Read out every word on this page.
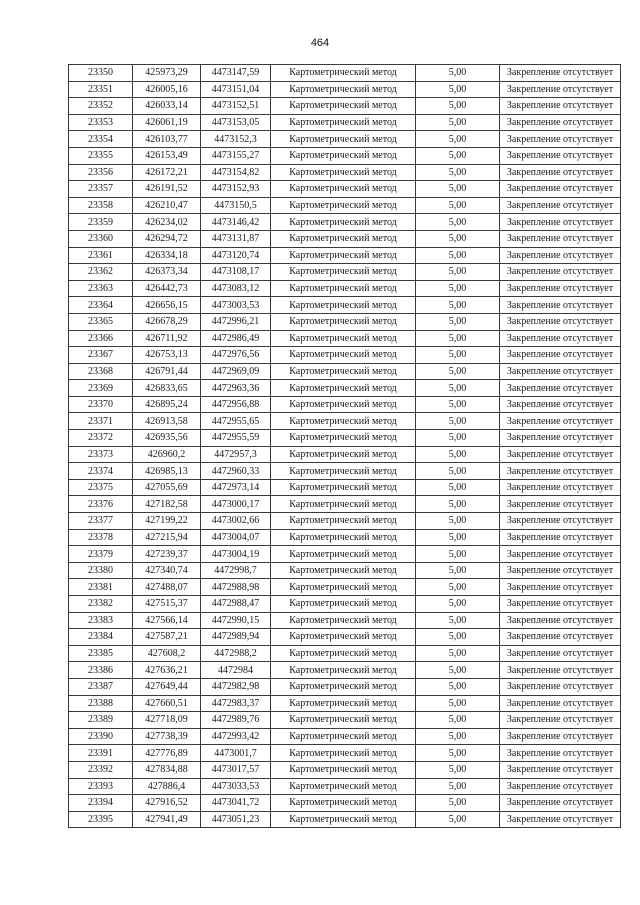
464
23350	425973,29	4473147,59	Картометрический метод	5,00	Закрепление отсутствует
23351	426005,16	4473151,04	Картометрический метод	5,00	Закрепление отсутствует
23352	426033,14	4473152,51	Картометрический метод	5,00	Закрепление отсутствует
23353	426061,19	4473153,05	Картометрический метод	5,00	Закрепление отсутствует
23354	426103,77	4473152,3	Картометрический метод	5,00	Закрепление отсутствует
23355	426153,49	4473155,27	Картометрический метод	5,00	Закрепление отсутствует
23356	426172,21	4473154,82	Картометрический метод	5,00	Закрепление отсутствует
23357	426191,52	4473152,93	Картометрический метод	5,00	Закрепление отсутствует
23358	426210,47	4473150,5	Картометрический метод	5,00	Закрепление отсутствует
23359	426234,02	4473146,42	Картометрический метод	5,00	Закрепление отсутствует
23360	426294,72	4473131,87	Картометрический метод	5,00	Закрепление отсутствует
23361	426334,18	4473120,74	Картометрический метод	5,00	Закрепление отсутствует
23362	426373,34	4473108,17	Картометрический метод	5,00	Закрепление отсутствует
23363	426442,73	4473083,12	Картометрический метод	5,00	Закрепление отсутствует
23364	426656,15	4473003,53	Картометрический метод	5,00	Закрепление отсутствует
23365	426678,29	4472996,21	Картометрический метод	5,00	Закрепление отсутствует
23366	426711,92	4472986,49	Картометрический метод	5,00	Закрепление отсутствует
23367	426753,13	4472976,56	Картометрический метод	5,00	Закрепление отсутствует
23368	426791,44	4472969,09	Картометрический метод	5,00	Закрепление отсутствует
23369	426833,65	4472963,36	Картометрический метод	5,00	Закрепление отсутствует
23370	426895,24	4472956,88	Картометрический метод	5,00	Закрепление отсутствует
23371	426913,58	4472955,65	Картометрический метод	5,00	Закрепление отсутствует
23372	426935,56	4472955,59	Картометрический метод	5,00	Закрепление отсутствует
23373	426960,2	4472957,3	Картометрический метод	5,00	Закрепление отсутствует
23374	426985,13	4472960,33	Картометрический метод	5,00	Закрепление отсутствует
23375	427055,69	4472973,14	Картометрический метод	5,00	Закрепление отсутствует
23376	427182,58	4473000,17	Картометрический метод	5,00	Закрепление отсутствует
23377	427199,22	4473002,66	Картометрический метод	5,00	Закрепление отсутствует
23378	427215,94	4473004,07	Картометрический метод	5,00	Закрепление отсутствует
23379	427239,37	4473004,19	Картометрический метод	5,00	Закрепление отсутствует
23380	427340,74	4472998,7	Картометрический метод	5,00	Закрепление отсутствует
23381	427488,07	4472988,98	Картометрический метод	5,00	Закрепление отсутствует
23382	427515,37	4472988,47	Картометрический метод	5,00	Закрепление отсутствует
23383	427566,14	4472990,15	Картометрический метод	5,00	Закрепление отсутствует
23384	427587,21	4472989,94	Картометрический метод	5,00	Закрепление отсутствует
23385	427608,2	4472988,2	Картометрический метод	5,00	Закрепление отсутствует
23386	427636,21	4472984	Картометрический метод	5,00	Закрепление отсутствует
23387	427649,44	4472982,98	Картометрический метод	5,00	Закрепление отсутствует
23388	427660,51	4472983,37	Картометрический метод	5,00	Закрепление отсутствует
23389	427718,09	4472989,76	Картометрический метод	5,00	Закрепление отсутствует
23390	427738,39	4472993,42	Картометрический метод	5,00	Закрепление отсутствует
23391	427776,89	4473001,7	Картометрический метод	5,00	Закрепление отсутствует
23392	427834,88	4473017,57	Картометрический метод	5,00	Закрепление отсутствует
23393	427886,4	4473033,53	Картометрический метод	5,00	Закрепление отсутствует
23394	427916,52	4473041,72	Картометрический метод	5,00	Закрепление отсутствует
23395	427941,49	4473051,23	Картометрический метод	5,00	Закрепление отсутствует
